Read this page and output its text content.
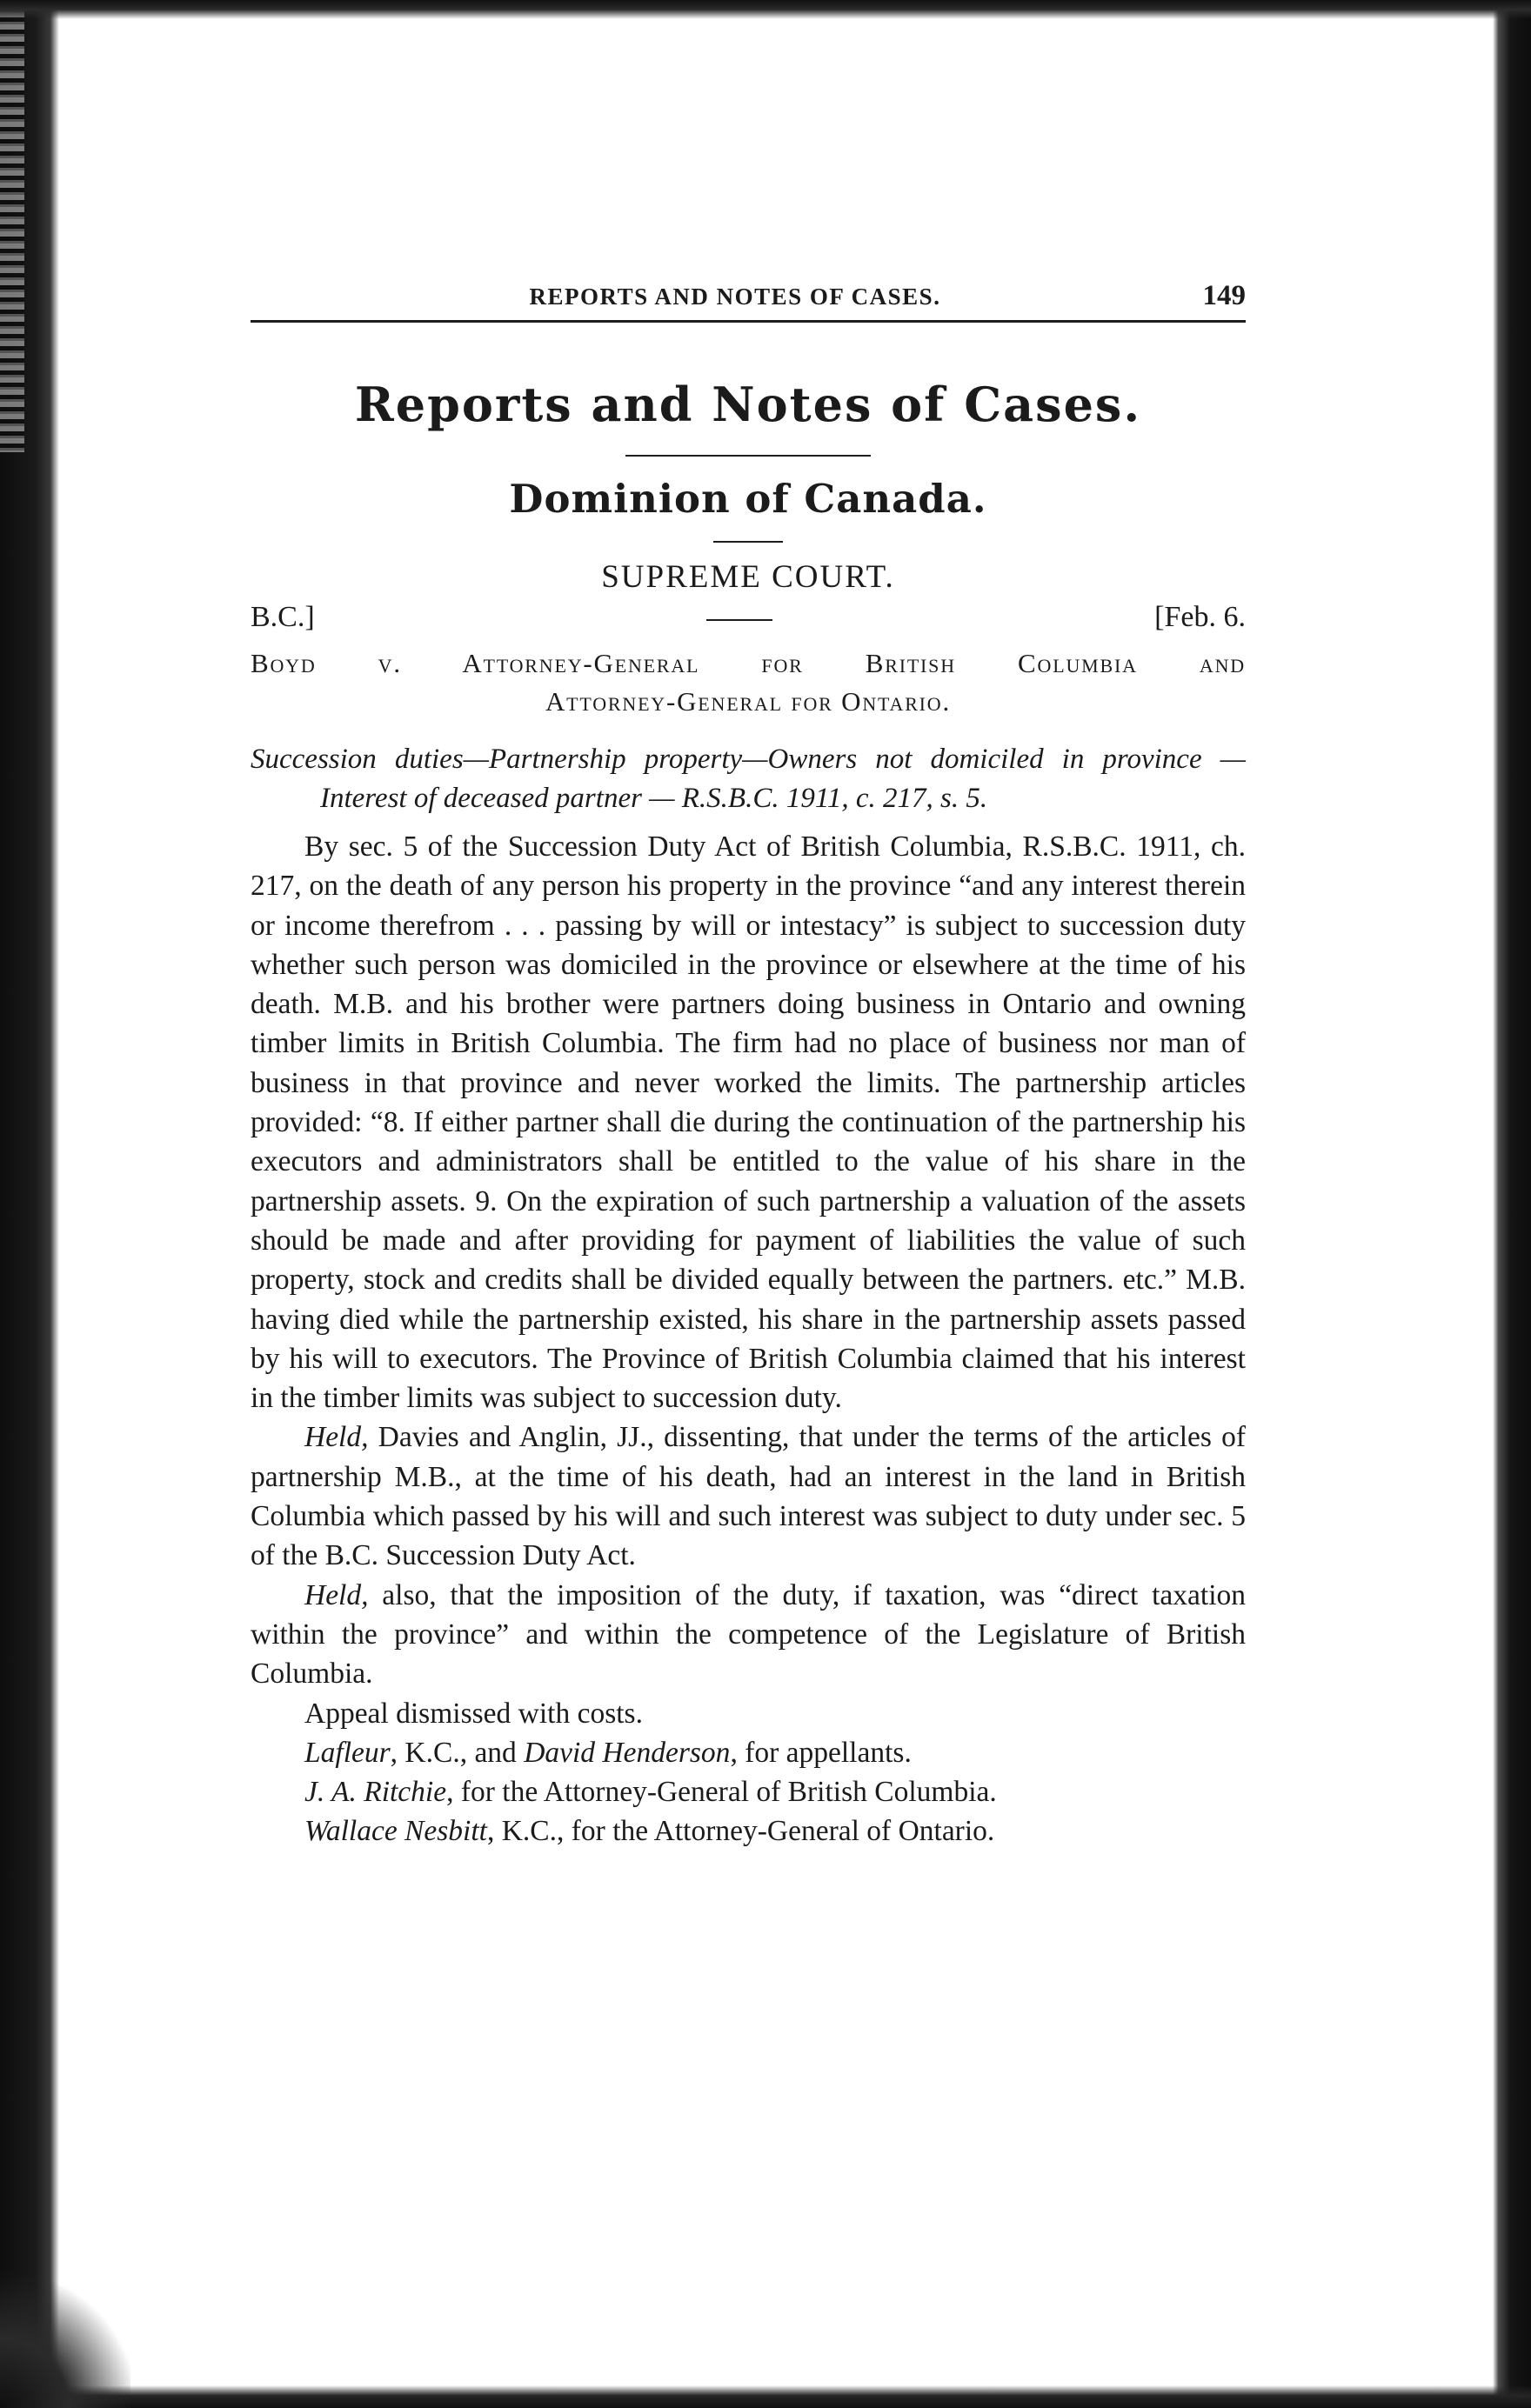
REPORTS AND NOTES OF CASES.	149
Reports and Notes of Cases.
Dominion of Canada.
SUPREME COURT.
B.C.]	[Feb. 6.
Boyd v. Attorney-General for British Columbia and
Attorney-General for Ontario.
Succession duties—Partnership property—Owners not domiciled in province — Interest of deceased partner — R.S.B.C. 1911, c. 217, s. 5.

By sec. 5 of the Succession Duty Act of British Columbia, R.S.B.C. 1911, ch. 217, on the death of any person his property in the province “and any interest therein or income therefrom . . . passing by will or intestacy” is subject to succession duty whether such person was domiciled in the province or elsewhere at the time of his death. M.B. and his brother were partners doing business in Ontario and owning timber limits in British Columbia. The firm had no place of business nor man of business in that province and never worked the limits. The partnership articles provided: “8. If either partner shall die during the continuation of the partnership his executors and administrators shall be entitled to the value of his share in the partnership assets. 9. On the expiration of such partnership a valuation of the assets should be made and after providing for payment of liabilities the value of such property, stock and credits shall be divided equally between the partners. etc.” M.B. having died while the partnership existed, his share in the partnership assets passed by his will to executors. The Province of British Columbia claimed that his interest in the timber limits was subject to succession duty.

Held, Davies and Anglin, JJ., dissenting, that under the terms of the articles of partnership M.B., at the time of his death, had an interest in the land in British Columbia which passed by his will and such interest was subject to duty under sec. 5 of the B.C. Succession Duty Act.

Held, also, that the imposition of the duty, if taxation, was “direct taxation within the province” and within the competence of the Legislature of British Columbia.

Appeal dismissed with costs.
Lafleur, K.C., and David Henderson, for appellants.
J. A. Ritchie, for the Attorney-General of British Columbia.
Wallace Nesbitt, K.C., for the Attorney-General of Ontario.
